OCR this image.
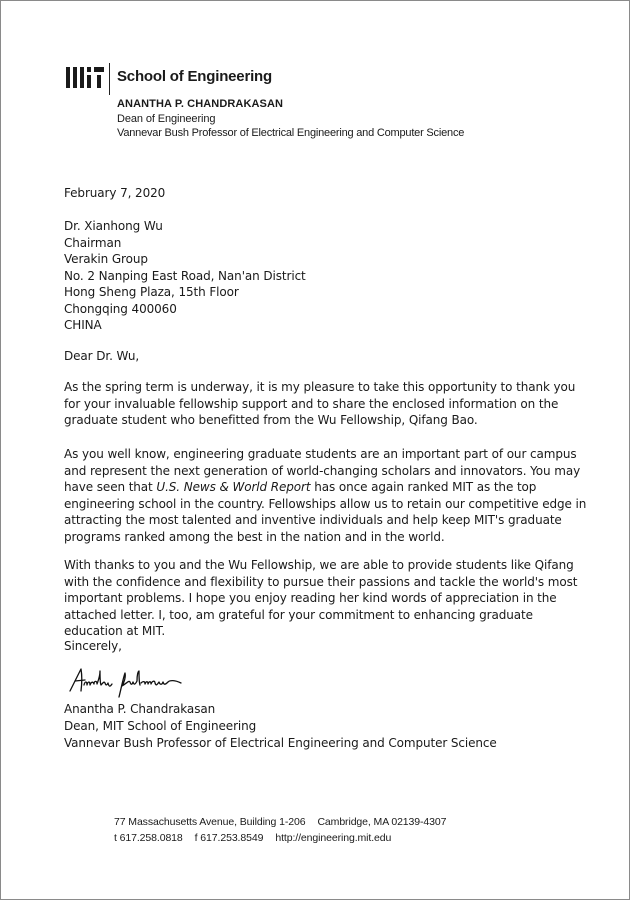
School of Engineering
ANANTHA P. CHANDRAKASAN
Dean of Engineering
Vannevar Bush Professor of Electrical Engineering and Computer Science
February 7, 2020
Dr. Xianhong Wu
Chairman
Verakin Group
No. 2 Nanping East Road, Nan'an District
Hong Sheng Plaza, 15th Floor
Chongqing 400060
CHINA
Dear Dr. Wu,
As the spring term is underway, it is my pleasure to take this opportunity to thank you for your invaluable fellowship support and to share the enclosed information on the graduate student who benefitted from the Wu Fellowship, Qifang Bao.
As you well know, engineering graduate students are an important part of our campus and represent the next generation of world-changing scholars and innovators. You may have seen that U.S. News & World Report has once again ranked MIT as the top engineering school in the country. Fellowships allow us to retain our competitive edge in attracting the most talented and inventive individuals and help keep MIT's graduate programs ranked among the best in the nation and in the world.
With thanks to you and the Wu Fellowship, we are able to provide students like Qifang with the confidence and flexibility to pursue their passions and tackle the world's most important problems. I hope you enjoy reading her kind words of appreciation in the attached letter. I, too, am grateful for your commitment to enhancing graduate education at MIT.
Sincerely,
Anantha P. Chandrakasan
Dean, MIT School of Engineering
Vannevar Bush Professor of Electrical Engineering and Computer Science
77 Massachusetts Avenue, Building 1-206 Cambridge, MA 02139-4307
t 617.258.0818 f 617.253.8549 http://engineering.mit.edu
